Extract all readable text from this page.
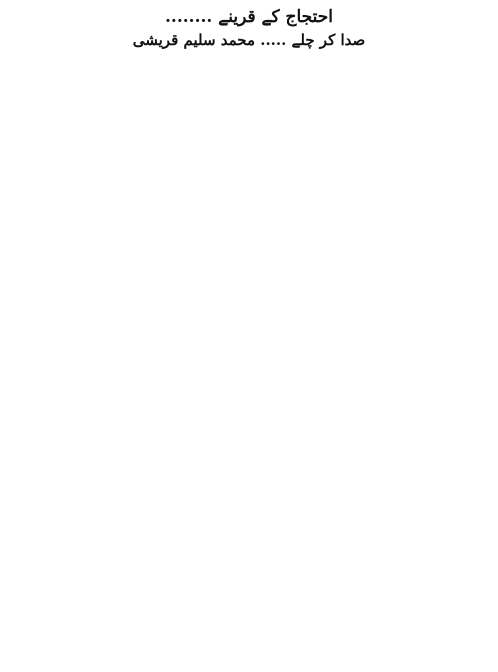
احتجاج کے قرینے ........
صدا کر چلے ..... محمد سلیم قریشی
